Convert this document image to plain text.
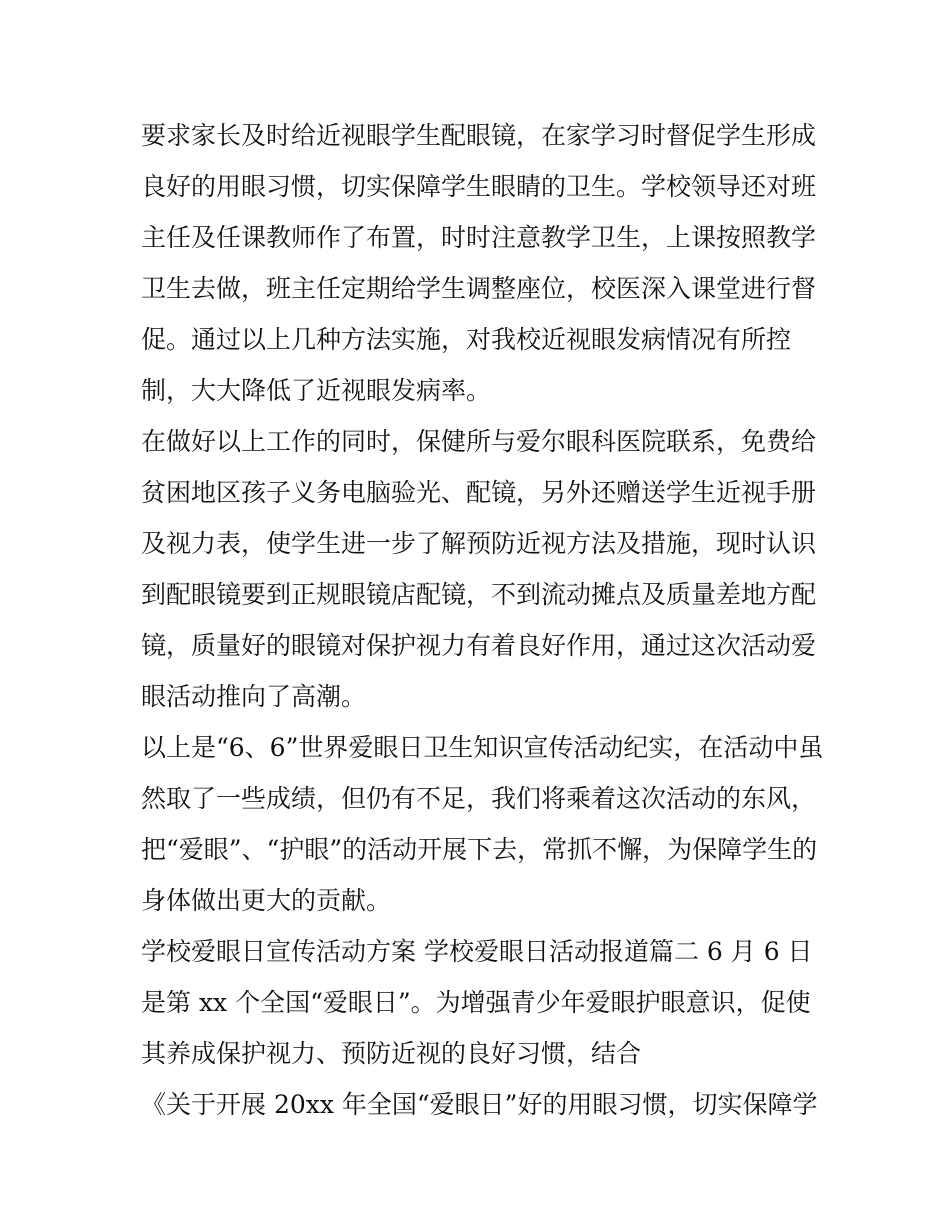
要求家长及时给近视眼学生配眼镜，在家学习时督促学生形成
良好的用眼习惯，切实保障学生眼睛的卫生。学校领导还对班
主任及任课教师作了布置，时时注意教学卫生，上课按照教学
卫生去做，班主任定期给学生调整座位，校医深入课堂进行督
促。通过以上几种方法实施，对我校近视眼发病情况有所控
制，大大降低了近视眼发病率。
在做好以上工作的同时，保健所与爱尔眼科医院联系，免费给
贫困地区孩子义务电脑验光、配镜，另外还赠送学生近视手册
及视力表，使学生进一步了解预防近视方法及措施，现时认识
到配眼镜要到正规眼镜店配镜，不到流动摊点及质量差地方配
镜，质量好的眼镜对保护视力有着良好作用，通过这次活动爱
眼活动推向了高潮。
以上是“6、6”世界爱眼日卫生知识宣传活动纪实，在活动中虽
然取了一些成绩，但仍有不足，我们将乘着这次活动的东风，
把“爱眼”、“护眼”的活动开展下去，常抓不懈，为保障学生的
身体做出更大的贡献。
学校爱眼日宣传活动方案 学校爱眼日活动报道篇二 6 月 6 日
是第 xx 个全国“爱眼日”。为增强青少年爱眼护眼意识，促使
其养成保护视力、预防近视的良好习惯，结合
《关于开展 20xx 年全国“爱眼日”好的用眼习惯，切实保障学
